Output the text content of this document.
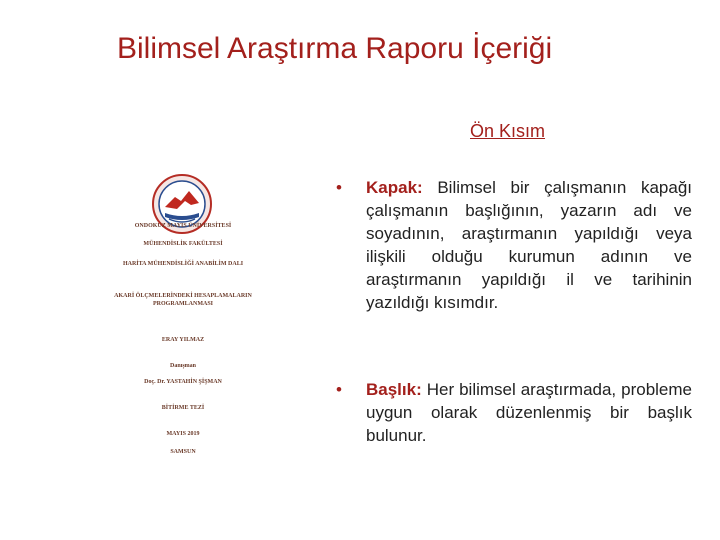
Bilimsel Araştırma Raporu İçeriği
Ön Kısım
ONDOKUZ MAYIS ÜNİVERSİTESİ
MÜHENDİSLİK FAKÜLTESİ
HARİTA MÜHENDİSLİĞİ ANABİLİM DALI
AKARİ ÖLÇMELERİNDEKİ HESAPLAMALARIN
PROGRAMLANMASI
ERAY YILMAZ
Danışman
Doç. Dr. YASTAHİN ŞİŞMAN
BİTİRME TEZİ
MAYIS 2019
SAMSUN
• Kapak: Bilimsel bir çalışmanın kapağı çalışmanın başlığının, yazarın adı ve soyadının, araştırmanın yapıldığı veya ilişkili olduğu kurumun adının ve araştırmanın yapıldığı il ve tarihinin yazıldığı kısımdır.
• Başlık: Her bilimsel araştırmada, probleme uygun olarak düzenlenmiş bir başlık bulunur.
